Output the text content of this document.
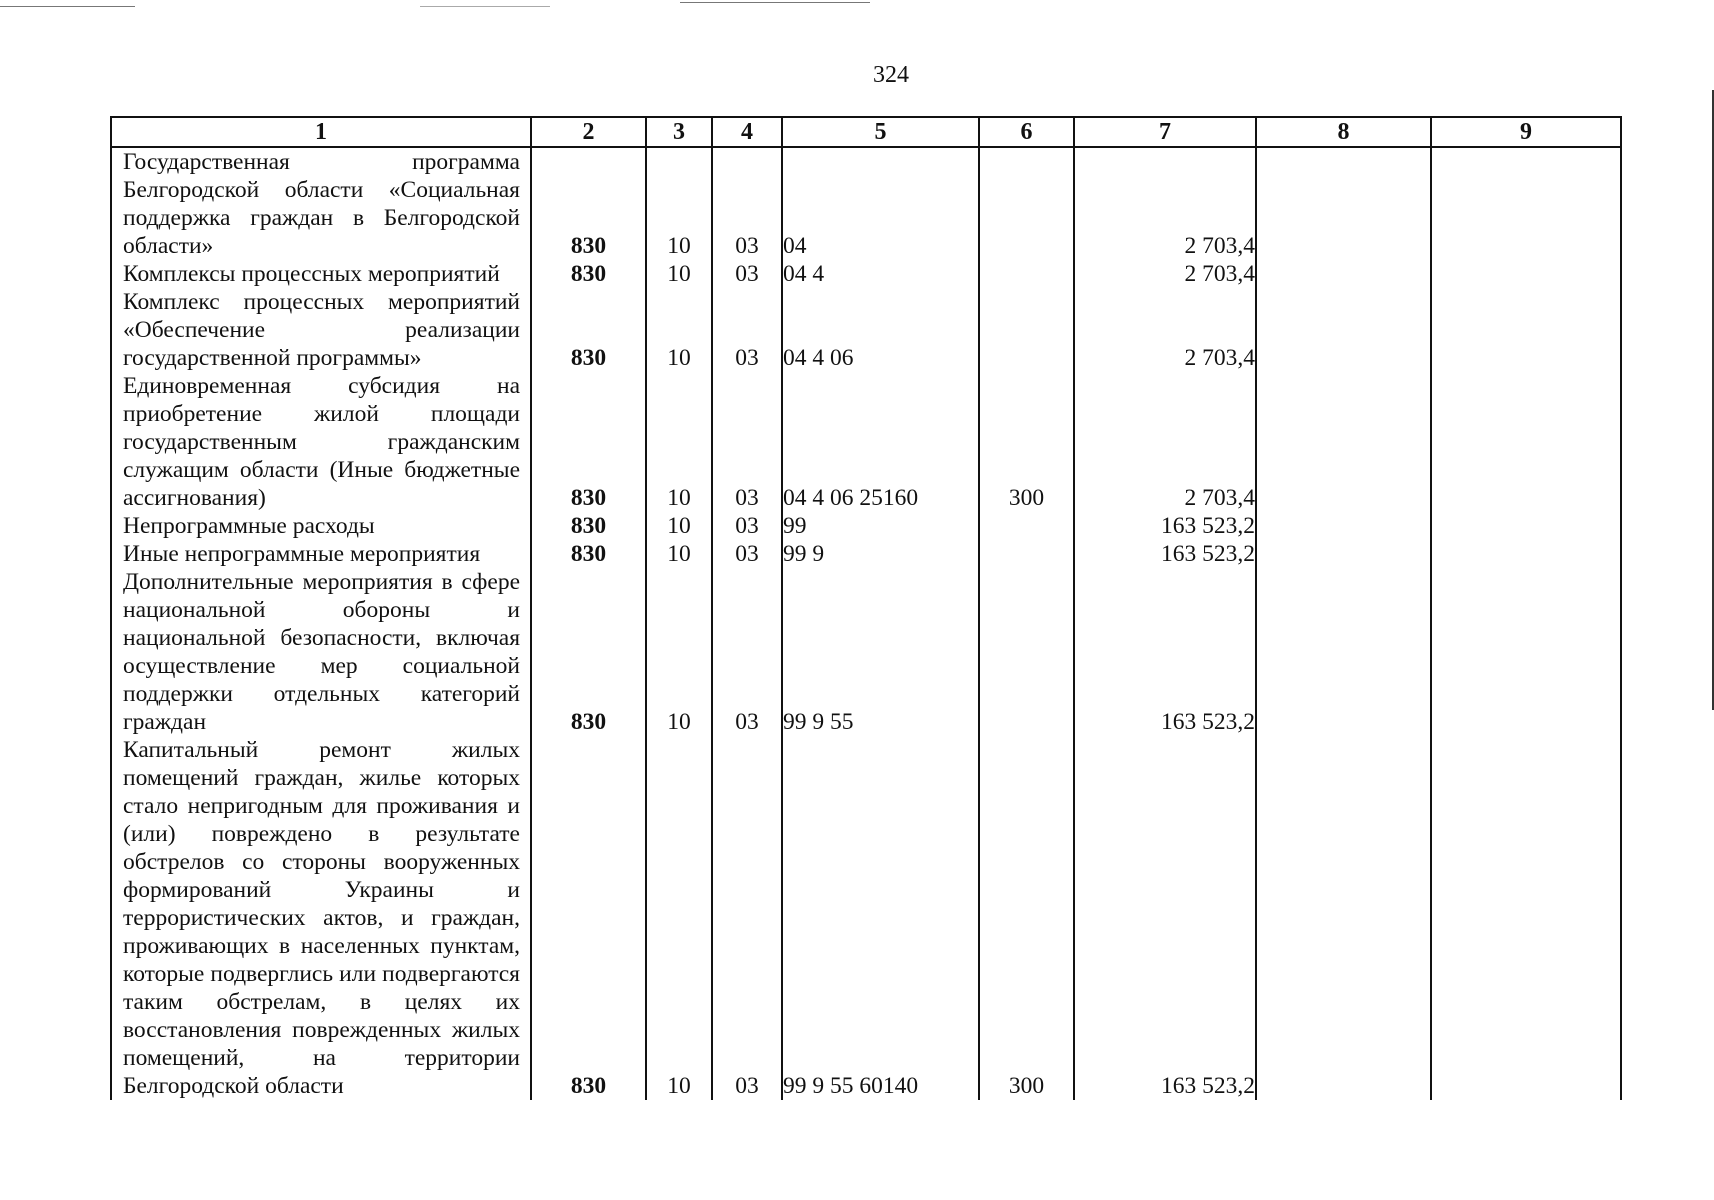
324
1	2	3	4	5	6	7	8	9
Государственная программа Белгородской области «Социальная поддержка граждан в Белгородской области»	830	10	03	04		2 703,4		
Комплексы процессных мероприятий	830	10	03	04 4		2 703,4		
Комплекс процессных мероприятий «Обеспечение реализации государственной программы»	830	10	03	04 4 06		2 703,4		
Единовременная субсидия на приобретение жилой площади государственным гражданским служащим области (Иные бюджетные ассигнования)	830	10	03	04 4 06 25160	300	2 703,4		
Непрограммные расходы	830	10	03	99		163 523,2		
Иные непрограммные мероприятия	830	10	03	99 9		163 523,2		
Дополнительные мероприятия в сфере национальной обороны и национальной безопасности, включая осуществление мер социальной поддержки отдельных категорий граждан	830	10	03	99 9 55		163 523,2		
Капитальный ремонт жилых помещений граждан, жилье которых стало непригодным для проживания и (или) повреждено в результате обстрелов со стороны вооруженных формирований Украины и террористических актов, и граждан, проживающих в населенных пунктам, которые подверглись или подвергаются таким обстрелам, в целях их восстановления поврежденных жилых помещений, на территории Белгородской области	830	10	03	99 9 55 60140	300	163 523,2		
